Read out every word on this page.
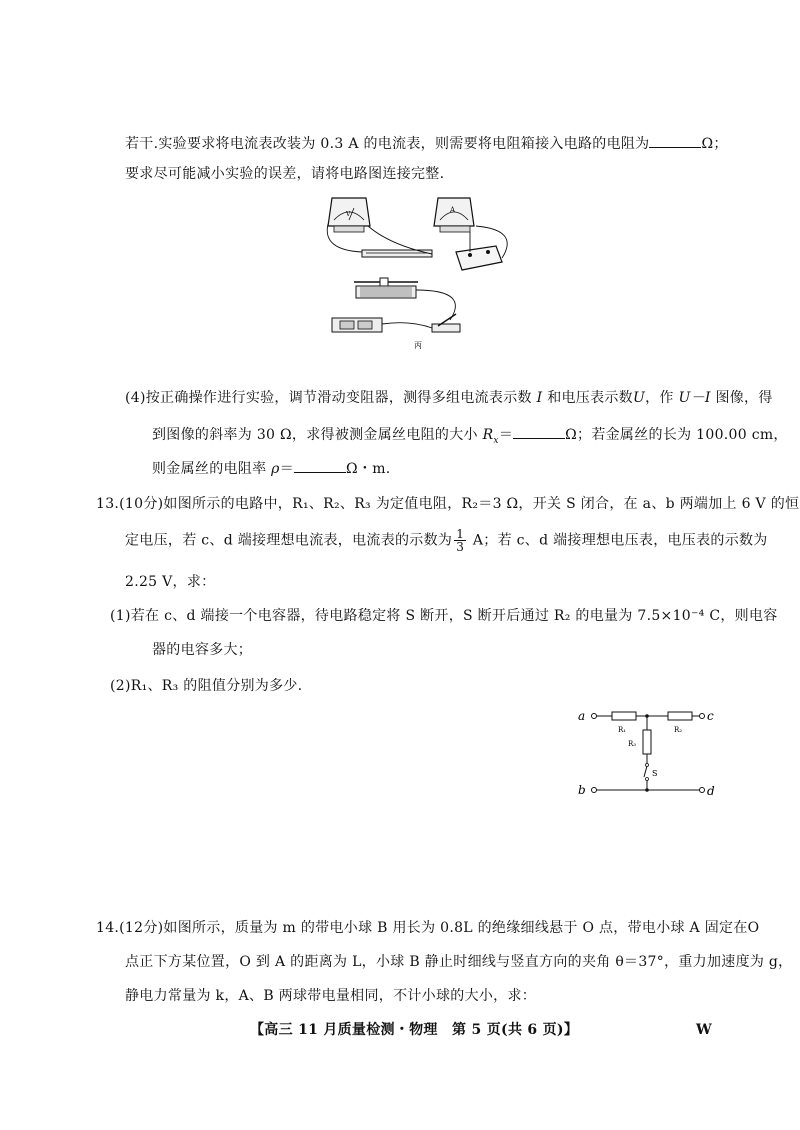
若干.实验要求将电流表改装为 0.3 A 的电流表，则需要将电阻箱接入电路的电阻为	Ω；
要求尽可能减小实验的误差，请将电路图连接完整.
V
A
丙
(4)按正确操作进行实验，调节滑动变阻器，测得多组电流表示数 I 和电压表示数U，作 U－I 图像，得
到图像的斜率为 30 Ω，求得被测金属丝电阻的大小 $R_x=$	Ω；若金属丝的长为 100.00 cm，
则金属丝的电阻率 ρ＝	Ω・m.
13.(10分)如图所示的电路中，R₁、R₂、R₃ 为定值电阻，R₂＝3 Ω，开关 S 闭合，在 a、b 两端加上 6 V 的恒
定电压，若 c、d 端接理想电流表，电流表的示数为 $\frac{1}{3}$ A；若 c、d 端接理想电压表，电压表的示数为
2.25 V，求：
(1)若在 c、d 端接一个电容器，待电路稳定将 S 断开，S 断开后通过 R₂ 的电量为 7.5×10⁻⁴ C，则电容
器的电容多大；
(2)R₁、R₃ 的阻值分别为多少.
a
R₁	R₂
c
R₃
S
b	d
14.(12分)如图所示，质量为 m 的带电小球 B 用长为 0.8L 的绝缘细线悬于 O 点，带电小球 A 固定在O
点正下方某位置，O 到 A 的距离为 L，小球 B 静止时细线与竖直方向的夹角 θ＝37°，重力加速度为 g，
静电力常量为 k，A、B 两球带电量相同，不计小球的大小，求：
【高三 11 月质量检测・物理　第 5 页(共 6 页)】	W
